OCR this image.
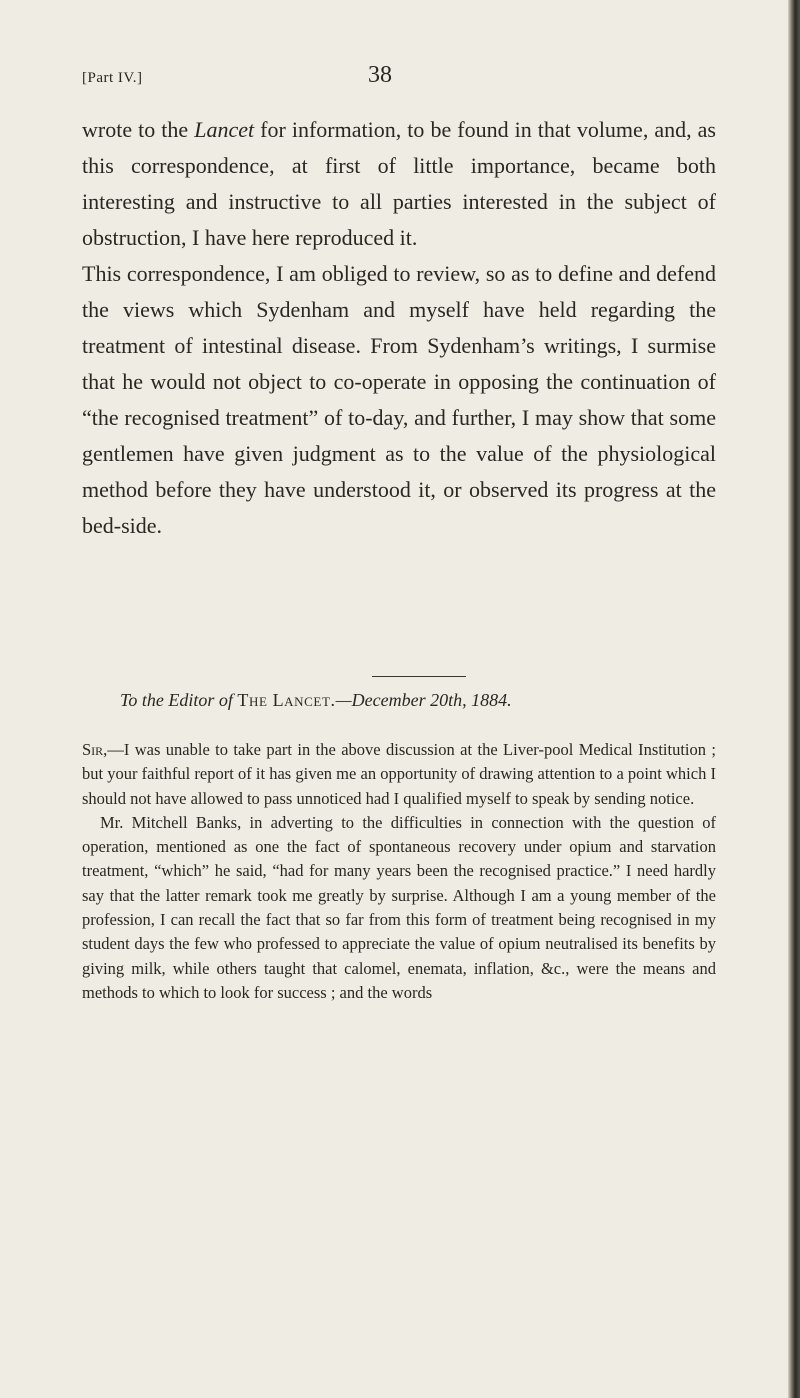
[Part IV.]	38

wrote to the Lancet for information, to be found in that volume, and, as this correspondence, at first of little importance, became both interesting and instructive to all parties interested in the subject of obstruction, I have here reproduced it.

This correspondence, I am obliged to review, so as to define and defend the views which Sydenham and myself have held regarding the treatment of intestinal disease. From Sydenham’s writings, I surmise that he would not object to co-operate in opposing the continuation of “the recognised treatment” of to-day, and further, I may show that some gentlemen have given judgment as to the value of the physiological method before they have understood it, or observed its progress at the bed-side.

To the Editor of The Lancet.—December 20th, 1884.

Sir,—I was unable to take part in the above discussion at the Liver-pool Medical Institution ; but your faithful report of it has given me an opportunity of drawing attention to a point which I should not have allowed to pass unnoticed had I qualified myself to speak by sending notice.

Mr. Mitchell Banks, in adverting to the difficulties in connection with the question of operation, mentioned as one the fact of spontaneous recovery under opium and starvation treatment, “which” he said, “had for many years been the recognised practice.” I need hardly say that the latter remark took me greatly by surprise. Although I am a young member of the profession, I can recall the fact that so far from this form of treatment being recognised in my student days the few who professed to appreciate the value of opium neutralised its benefits by giving milk, while others taught that calomel, enemata, inflation, &c., were the means and methods to which to look for success ; and the words
